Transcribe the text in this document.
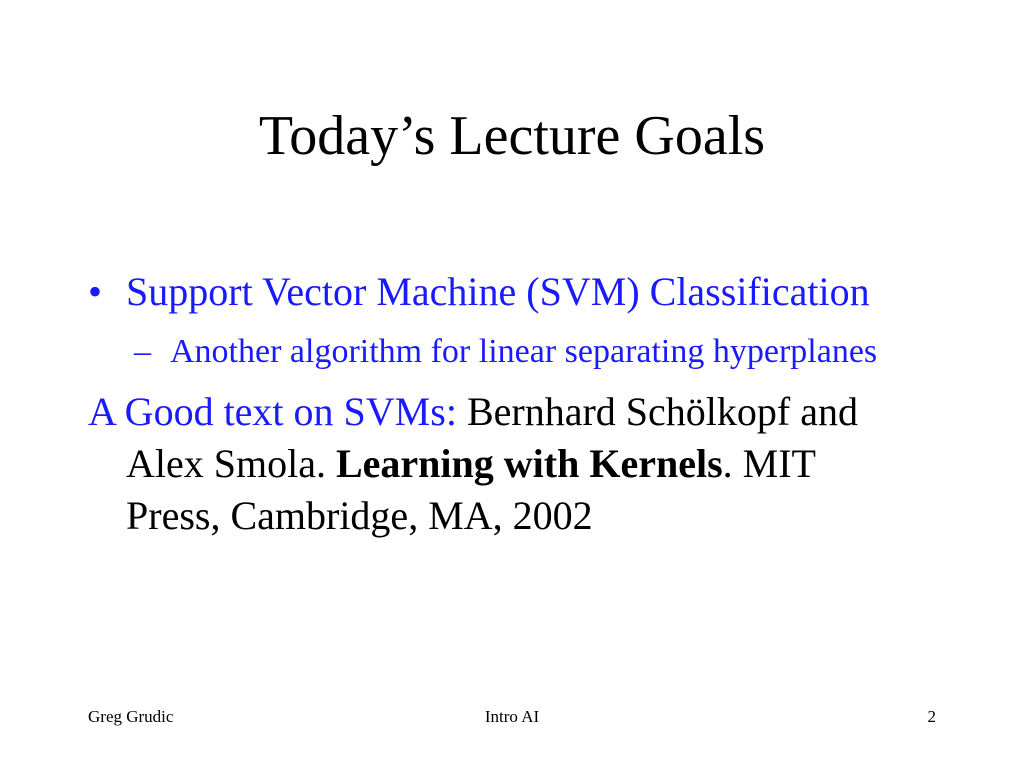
Today’s Lecture Goals
• Support Vector Machine (SVM) Classification
– Another algorithm for linear separating hyperplanes
A Good text on SVMs: Bernhard Schölkopf and Alex Smola. Learning with Kernels. MIT Press, Cambridge, MA, 2002
Greg Grudic	Intro AI	2
